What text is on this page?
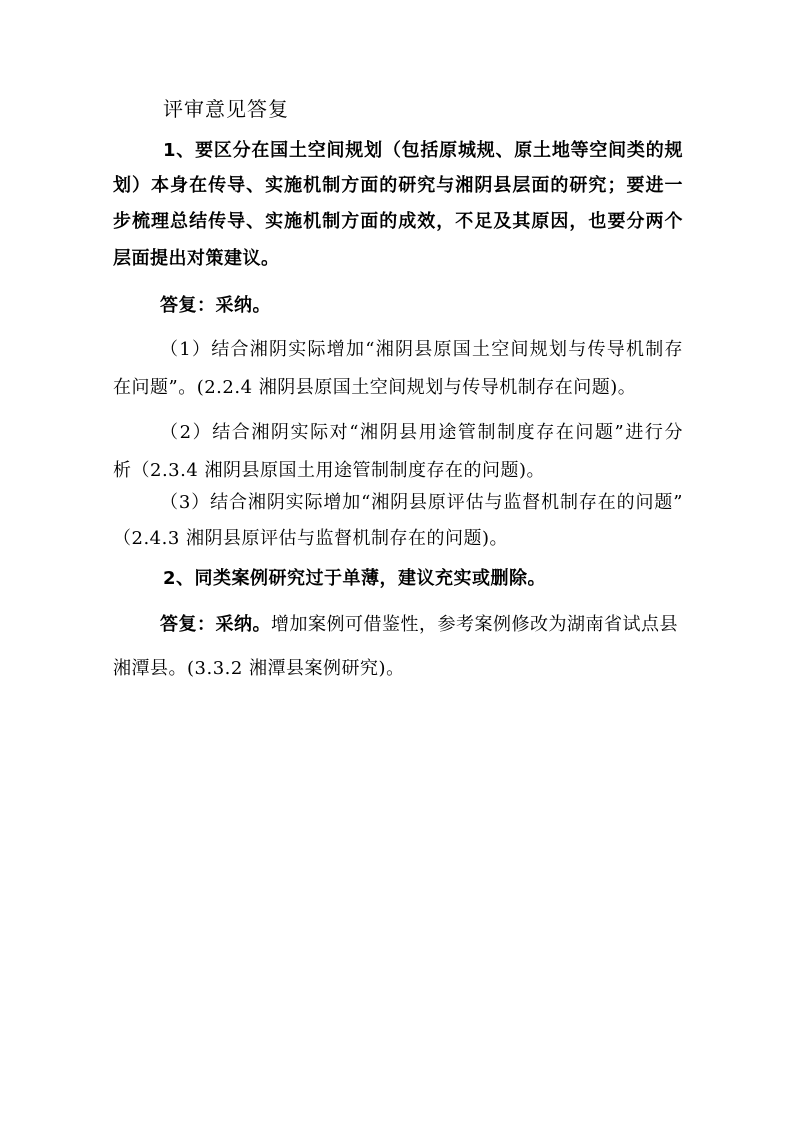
评审意见答复
1、要区分在国土空间规划（包括原城规、原土地等空间类的规
划）本身在传导、实施机制方面的研究与湘阴县层面的研究；要进一
步梳理总结传导、实施机制方面的成效，不足及其原因，也要分两个
层面提出对策建议。
答复：采纳。
（1）结合湘阴实际增加“湘阴县原国土空间规划与传导机制存
在问题”。(2.2.4 湘阴县原国土空间规划与传导机制存在问题)。
（2）结合湘阴实际对“湘阴县用途管制制度存在问题”进行分
析（2.3.4 湘阴县原国土用途管制制度存在的问题)。
（3）结合湘阴实际增加“湘阴县原评估与监督机制存在的问题”
（2.4.3 湘阴县原评估与监督机制存在的问题)。
2、同类案例研究过于单薄，建议充实或删除。
答复：采纳。增加案例可借鉴性，参考案例修改为湖南省试点县
湘潭县。(3.3.2 湘潭县案例研究)。
